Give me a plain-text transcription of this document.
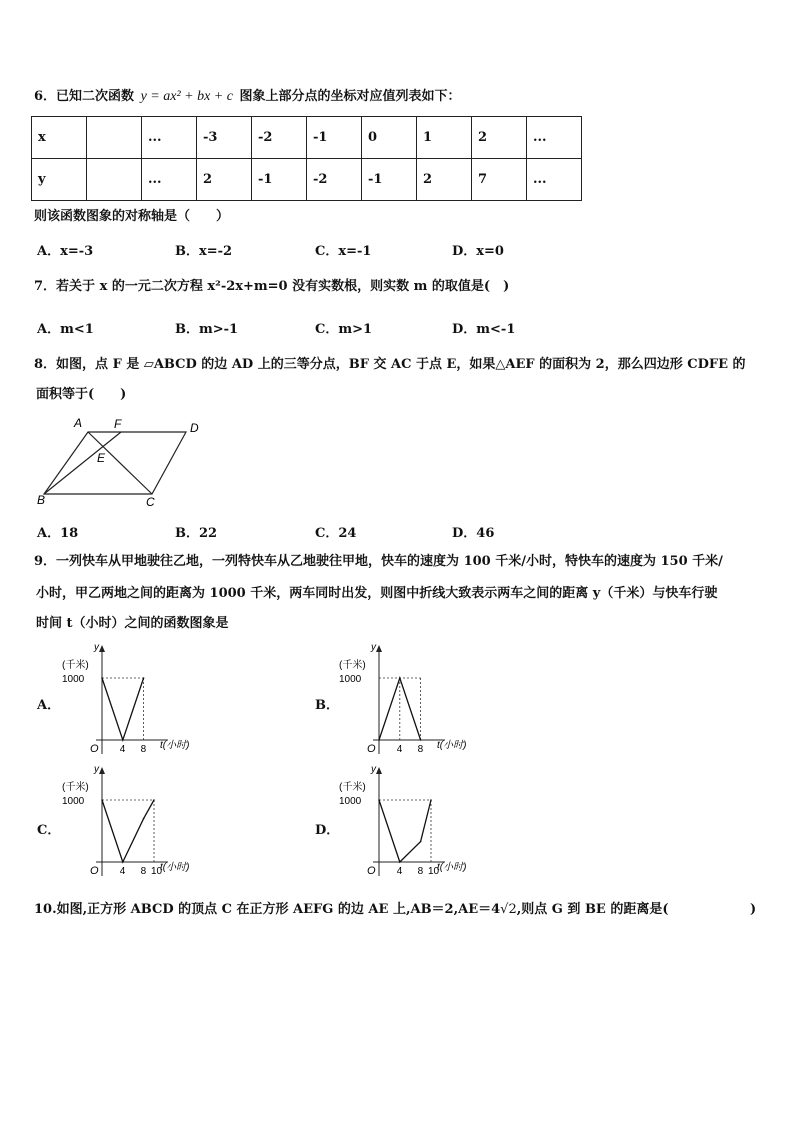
6．已知二次函数 y = ax² + bx + c 图象上部分点的坐标对应值列表如下：
x		...	-3	-2	-1	0	1	2	...
y		...	2	-1	-2	-1	2	7	...
则该函数图象的对称轴是（　　）
A．x=-3	B．x=-2	C．x=-1	D．x=0
7．若关于 x 的一元二次方程 x²-2x+m=0 没有实数根，则实数 m 的取值是(　)
A．m<1	B．m>-1	C．m>1	D．m<-1
8．如图，点 F 是 ▱ABCD 的边 AD 上的三等分点，BF 交 AC 于点 E，如果△AEF 的面积为 2，那么四边形 CDFE 的
面积等于(　　)
A	F	D
E
B	C
A．18	B．22	C．24	D．46
9．一列快车从甲地驶往乙地，一列特快车从乙地驶往甲地，快车的速度为 100 千米/小时，特快车的速度为 150 千米/
小时，甲乙两地之间的距离为 1000 千米，两车同时出发，则图中折线大致表示两车之间的距离 y（千米）与快车行驶
时间 t（小时）之间的函数图象是
A．	B．
C．	D．
y
(千米)
1000
O	t(小时)
4 8
y
(千米)
1000
O	t(小时)
4 8
y
(千米)
1000
O	t(小时)
4 8 10
y
(千米)
1000
O	t(小时)
4 8 10
10.如图,正方形 ABCD 的顶点 C 在正方形 AEFG 的边 AE 上,AB＝2,AE＝4√2,则点 G 到 BE 的距离是(	)
